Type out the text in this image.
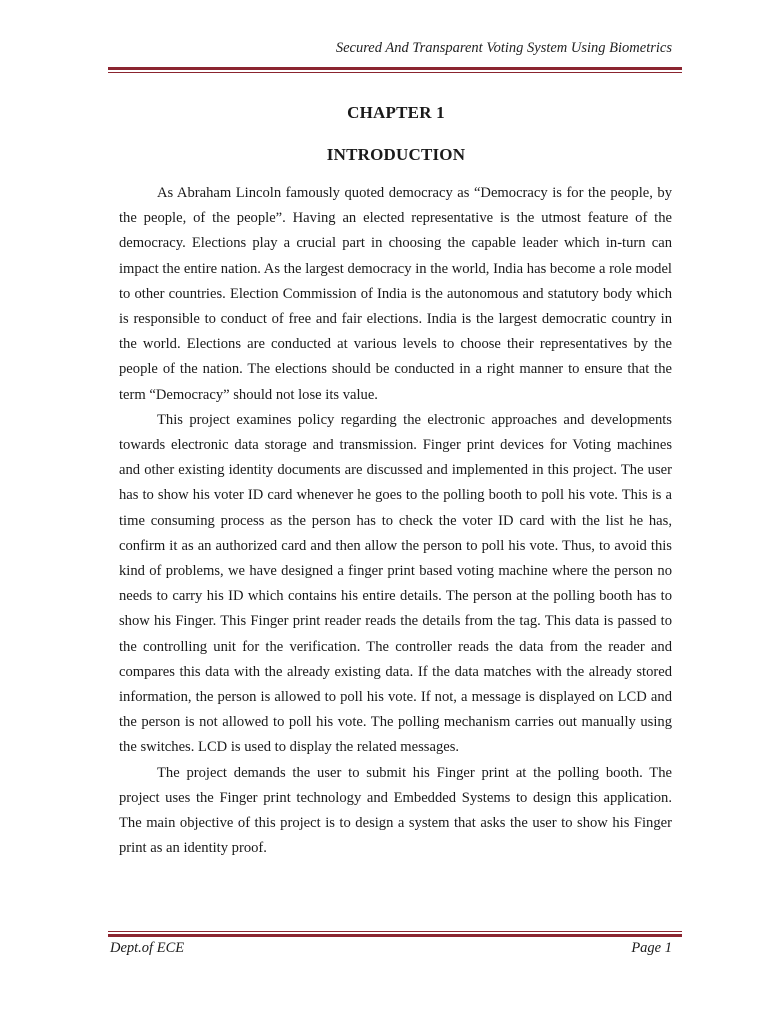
Secured And Transparent Voting System Using Biometrics
CHAPTER 1
INTRODUCTION

As Abraham Lincoln famously quoted democracy as “Democracy is for the people, by the people, of the people”. Having an elected representative is the utmost feature of the democracy. Elections play a crucial part in choosing the capable leader which in-turn can impact the entire nation. As the largest democracy in the world, India has become a role model to other countries. Election Commission of India is the autonomous and statutory body which is responsible to conduct of free and fair elections. India is the largest democratic country in the world. Elections are conducted at various levels to choose their representatives by the people of the nation. The elections should be conducted in a right manner to ensure that the term “Democracy” should not lose its value.

This project examines policy regarding the electronic approaches and developments towards electronic data storage and transmission. Finger print devices for Voting machines and other existing identity documents are discussed and implemented in this project. The user has to show his voter ID card whenever he goes to the polling booth to poll his vote. This is a time consuming process as the person has to check the voter ID card with the list he has, confirm it as an authorized card and then allow the person to poll his vote. Thus, to avoid this kind of problems, we have designed a finger print based voting machine where the person no needs to carry his ID which contains his entire details. The person at the polling booth has to show his Finger. This Finger print reader reads the details from the tag. This data is passed to the controlling unit for the verification. The controller reads the data from the reader and compares this data with the already existing data. If the data matches with the already stored information, the person is allowed to poll his vote. If not, a message is displayed on LCD and the person is not allowed to poll his vote. The polling mechanism carries out manually using the switches. LCD is used to display the related messages.

The project demands the user to submit his Finger print at the polling booth. The project uses the Finger print technology and Embedded Systems to design this application. The main objective of this project is to design a system that asks the user to show his Finger print as an identity proof.

Dept.of ECE	Page 1
